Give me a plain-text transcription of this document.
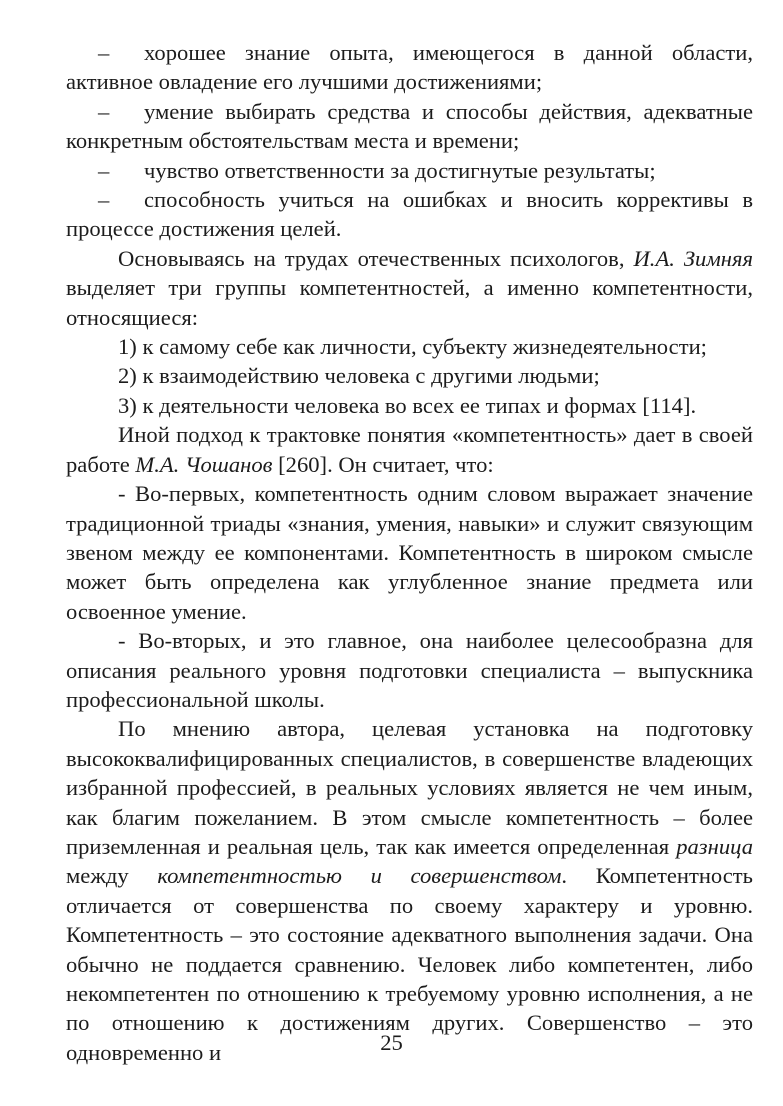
– хорошее знание опыта, имеющегося в данной области, активное овладение его лучшими достижениями;

– умение выбирать средства и способы действия, адекватные конкретным обстоятельствам места и времени;

– чувство ответственности за достигнутые результаты;

– способность учиться на ошибках и вносить коррективы в процессе достижения целей.

Основываясь на трудах отечественных психологов, И.А. Зимняя выделяет три группы компетентностей, а именно компетентности, относящиеся:

1) к самому себе как личности, субъекту жизнедеятельности;

2) к взаимодействию человека с другими людьми;

3) к деятельности человека во всех ее типах и формах [114].

Иной подход к трактовке понятия «компетентность» дает в своей работе М.А. Чошанов [260]. Он считает, что:

- Во-первых, компетентность одним словом выражает значение традиционной триады «знания, умения, навыки» и служит связующим звеном между ее компонентами. Компетентность в широком смысле может быть определена как углубленное знание предмета или освоенное умение.

- Во-вторых, и это главное, она наиболее целесообразна для описания реального уровня подготовки специалиста – выпускника профессиональной школы.

По мнению автора, целевая установка на подготовку высококвалифицированных специалистов, в совершенстве владеющих избранной профессией, в реальных условиях является не чем иным, как благим пожеланием. В этом смысле компетентность – более приземленная и реальная цель, так как имеется определенная разница между компетентностью и совершенством. Компетентность отличается от совершенства по своему характеру и уровню. Компетентность – это состояние адекватного выполнения задачи. Она обычно не поддается сравнению. Человек либо компетентен, либо некомпетентен по отношению к требуемому уровню исполнения, а не по отношению к достижениям других. Совершенство – это одновременно и	25
